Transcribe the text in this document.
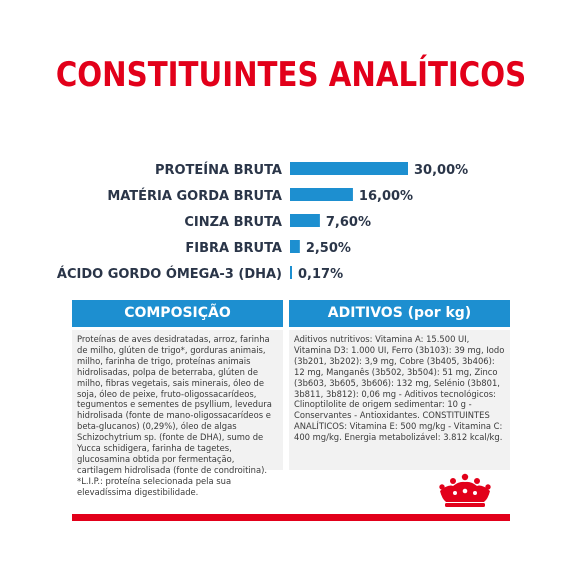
CONSTITUINTES ANALÍTICOS
PROTEÍNA BRUTA	30,00%
MATÉRIA GORDA BRUTA	16,00%
CINZA BRUTA	7,60%
FIBRA BRUTA 2,50%
ÁCIDO GORDO ÓMEGA-3 (DHA) 0,17%
COMPOSIÇÃO	ADITIVOS (por kg)
Proteínas de aves desidratadas, arroz, farinha de milho, glúten de trigo*, gorduras animais, milho, farinha de trigo, proteínas animais hidrolisadas, polpa de beterraba, glúten de milho, fibras vegetais, sais minerais, óleo de soja, óleo de peixe, fruto-oligossacarídeos, tegumentos e sementes de psyllium, levedura hidrolisada (fonte de mano-oligossacarídeos e beta-glucanos) (0,29%), óleo de algas Schizochytrium sp. (fonte de DHA), sumo de Yucca schidigera, farinha de tagetes, glucosamina obtida por fermentação, cartilagem hidrolisada (fonte de condroitina). *L.I.P.: proteína selecionada pela sua elevadíssima digestibilidade.
Aditivos nutritivos: Vitamina A: 15.500 UI, Vitamina D3: 1.000 UI, Ferro (3b103): 39 mg, Iodo (3b201, 3b202): 3,9 mg, Cobre (3b405, 3b406): 12 mg, Manganês (3b502, 3b504): 51 mg, Zinco (3b603, 3b605, 3b606): 132 mg, Selénio (3b801, 3b811, 3b812): 0,06 mg - Aditivos tecnológicos: Clinoptilolite de origem sedimentar: 10 g - Conservantes - Antioxidantes. CONSTITUINTES ANALÍTICOS: Vitamina E: 500 mg/kg - Vitamina C: 400 mg/kg. Energia metabolizável: 3.812 kcal/kg.
